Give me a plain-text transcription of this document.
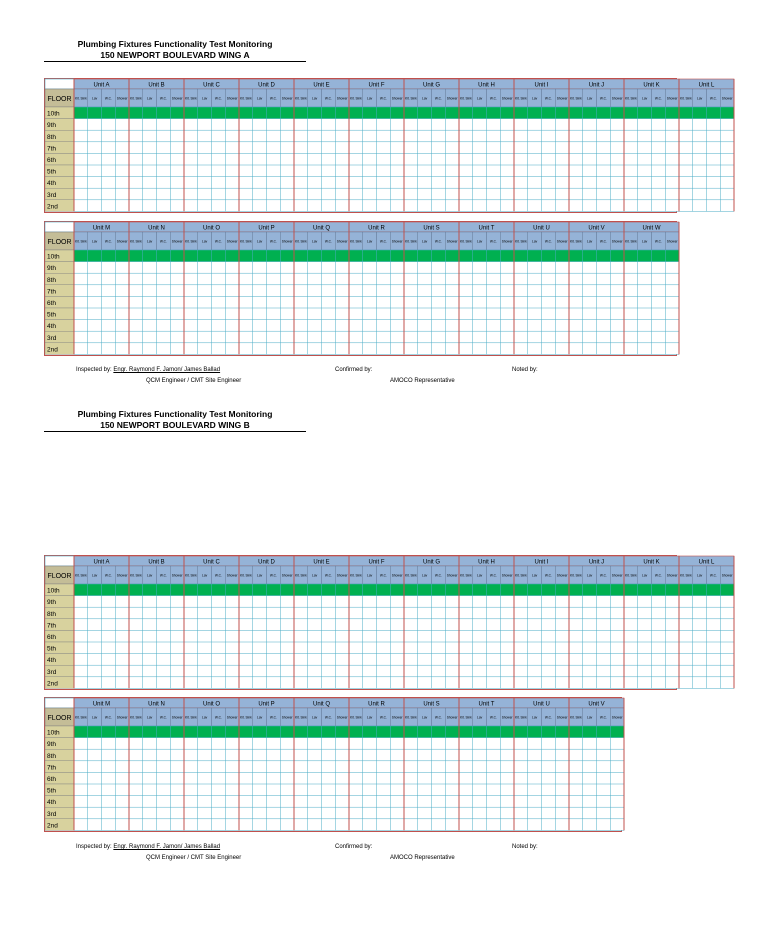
Plumbing Fixtures Functionality Test Monitoring
150 NEWPORT BOULEVARD WING A
FLOOR
Unit A
Kit. Sink Lav W.C. Shower
Unit B
Kit. Sink Lav W.C. Shower
Unit C
Kit. Sink Lav W.C. Shower
Unit D
Kit. Sink Lav W.C. Shower
Unit E
Kit. Sink Lav W.C. Shower
Unit F
Kit. Sink Lav W.C. Shower
Unit G
Kit. Sink Lav W.C. Shower
Unit H
Kit. Sink Lav W.C. Shower
Unit I
Kit. Sink Lav W.C. Shower
Unit J
Kit. Sink Lav W.C. Shower
Unit K
Kit. Sink Lav W.C. Shower
Unit L
Kit. Sink Lav W.C. Shower
10th
9th
8th
7th
6th
5th
4th
3rd
2nd
FLOOR
Unit M
Kit. Sink Lav W.C. Shower
Unit N
Kit. Sink Lav W.C. Shower
Unit O
Kit. Sink Lav W.C. Shower
Unit P
Kit. Sink Lav W.C. Shower
Unit Q
Kit. Sink Lav W.C. Shower
Unit R
Kit. Sink Lav W.C. Shower
Unit S
Kit. Sink Lav W.C. Shower
Unit T
Kit. Sink Lav W.C. Shower
Unit U
Kit. Sink Lav W.C. Shower
Unit V
Kit. Sink Lav W.C. Shower
Unit W
Kit. Sink Lav W.C. Shower
10th
9th
8th
7th
6th
5th
4th
3rd
2nd
Inspected by: Engr. Raymond F. Jamon/ James Ballad
QCM Engineer / CMT Site Engineer
Confirmed by:
AMOCO Representative
Noted by:
Plumbing Fixtures Functionality Test Monitoring
150 NEWPORT BOULEVARD WING B
FLOOR
Unit A
Kit. Sink Lav W.C. Shower
Unit B
Kit. Sink Lav W.C. Shower
Unit C
Kit. Sink Lav W.C. Shower
Unit D
Kit. Sink Lav W.C. Shower
Unit E
Kit. Sink Lav W.C. Shower
Unit F
Kit. Sink Lav W.C. Shower
Unit G
Kit. Sink Lav W.C. Shower
Unit H
Kit. Sink Lav W.C. Shower
Unit I
Kit. Sink Lav W.C. Shower
Unit J
Kit. Sink Lav W.C. Shower
Unit K
Kit. Sink Lav W.C. Shower
Unit L
Kit. Sink Lav W.C. Shower
10th
9th
8th
7th
6th
5th
4th
3rd
2nd
FLOOR
Unit M
Kit. Sink Lav W.C. Shower
Unit N
Kit. Sink Lav W.C. Shower
Unit O
Kit. Sink Lav W.C. Shower
Unit P
Kit. Sink Lav W.C. Shower
Unit Q
Kit. Sink Lav W.C. Shower
Unit R
Kit. Sink Lav W.C. Shower
Unit S
Kit. Sink Lav W.C. Shower
Unit T
Kit. Sink Lav W.C. Shower
Unit U
Kit. Sink Lav W.C. Shower
Unit V
Kit. Sink Lav W.C. Shower
10th
9th
8th
7th
6th
5th
4th
3rd
2nd
Inspected by: Engr. Raymond F. Jamon/ James Ballad
QCM Engineer / CMT Site Engineer
Confirmed by:
AMOCO Representative
Noted by:
